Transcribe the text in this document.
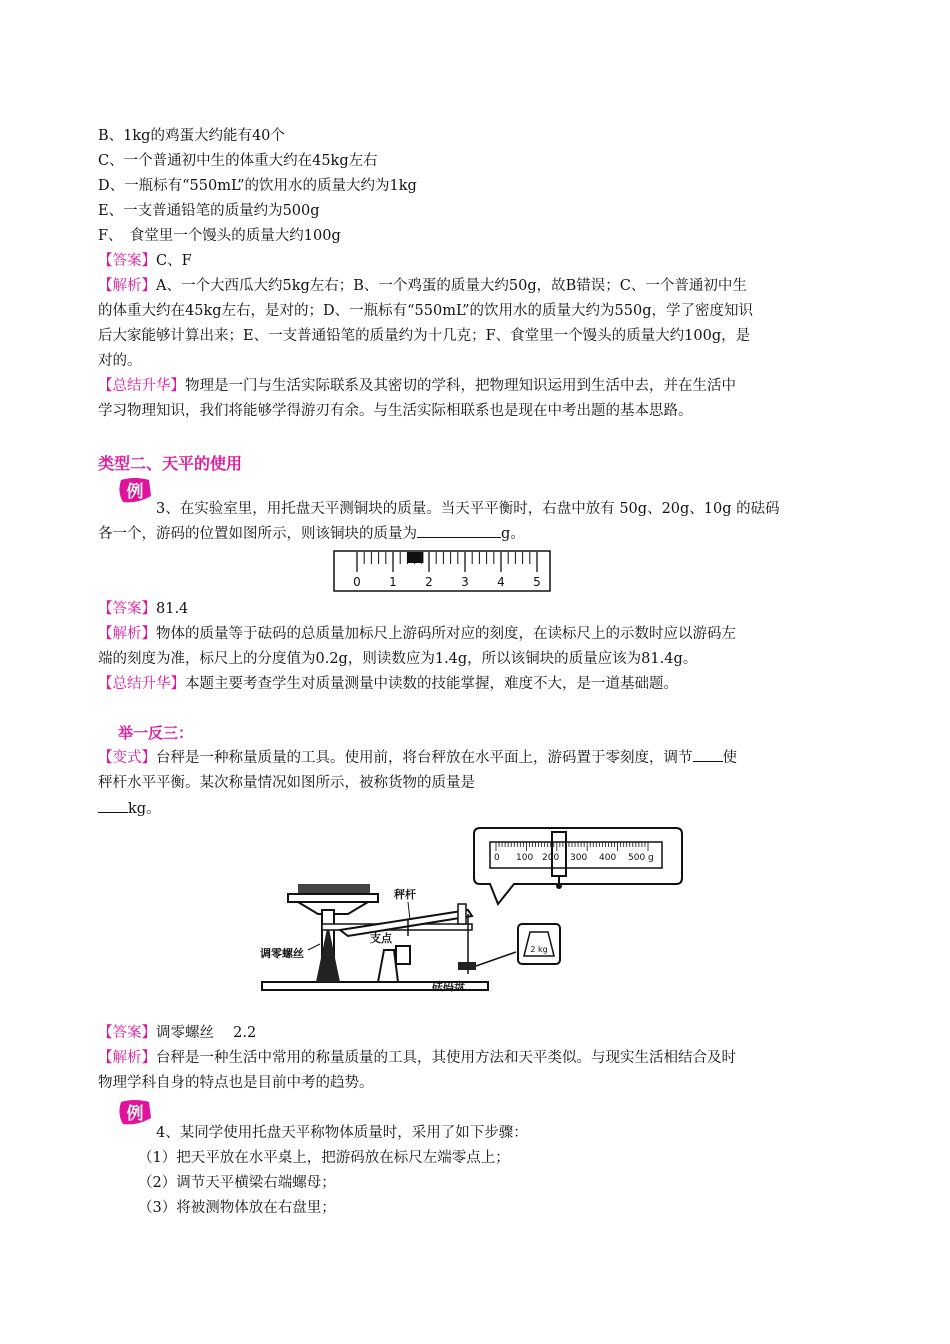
B、1kg的鸡蛋大约能有40个
C、一个普通初中生的体重大约在45kg左右
D、一瓶标有“550mL”的饮用水的质量大约为1kg
E、一支普通铅笔的质量约为500g
F、　食堂里一个馒头的质量大约100g
【答案】C、F
【解析】A、一个大西瓜大约5kg左右；B、一个鸡蛋的质量大约50g，故B错误；C、一个普通初中生
的体重大约在45kg左右，是对的；D、一瓶标有“550mL”的饮用水的质量大约为550g，学了密度知识
后大家能够计算出来；E、一支普通铅笔的质量约为十几克；F、食堂里一个馒头的质量大约100g，是
对的。
【总结升华】物理是一门与生活实际联系及其密切的学科，把物理知识运用到生活中去，并在生活中
学习物理知识，我们将能够学得游刃有余。与生活实际相联系也是现在中考出题的基本思路。
类型二、天平的使用
例
3、在实验室里，用托盘天平测铜块的质量。当天平平衡时，右盘中放有 50g、20g、10g 的砝码
各一个，游码的位置如图所示，则该铜块的质量为	g。
0 1 2 3 4 5
【答案】81.4
【解析】物体的质量等于砝码的总质量加标尺上游码所对应的刻度，在读标尺上的示数时应以游码左
端的刻度为准，标尺上的分度值为0.2g，则读数应为1.4g，所以该铜块的质量应该为81.4g。
【总结升华】本题主要考查学生对质量测量中读数的技能掌握，难度不大，是一道基础题。
举一反三：
【变式】台秤是一种称量质量的工具。使用前，将台秤放在水平面上，游码置于零刻度，调节 使
秤杆水平平衡。某次称量情况如图所示，被称货物的质量是
kg。
0 100 200 300 400 500 g
2 kg
秤杆
支点
调零螺丝
砝码盘
【答案】调零螺丝　 2.2
【解析】台秤是一种生活中常用的称量质量的工具，其使用方法和天平类似。与现实生活相结合及时
物理学科自身的特点也是目前中考的趋势。
例
4、某同学使用托盘天平称物体质量时，采用了如下步骤：
（1）把天平放在水平桌上，把游码放在标尺左端零点上；
（2）调节天平横梁右端螺母；
（3）将被测物体放在右盘里；
